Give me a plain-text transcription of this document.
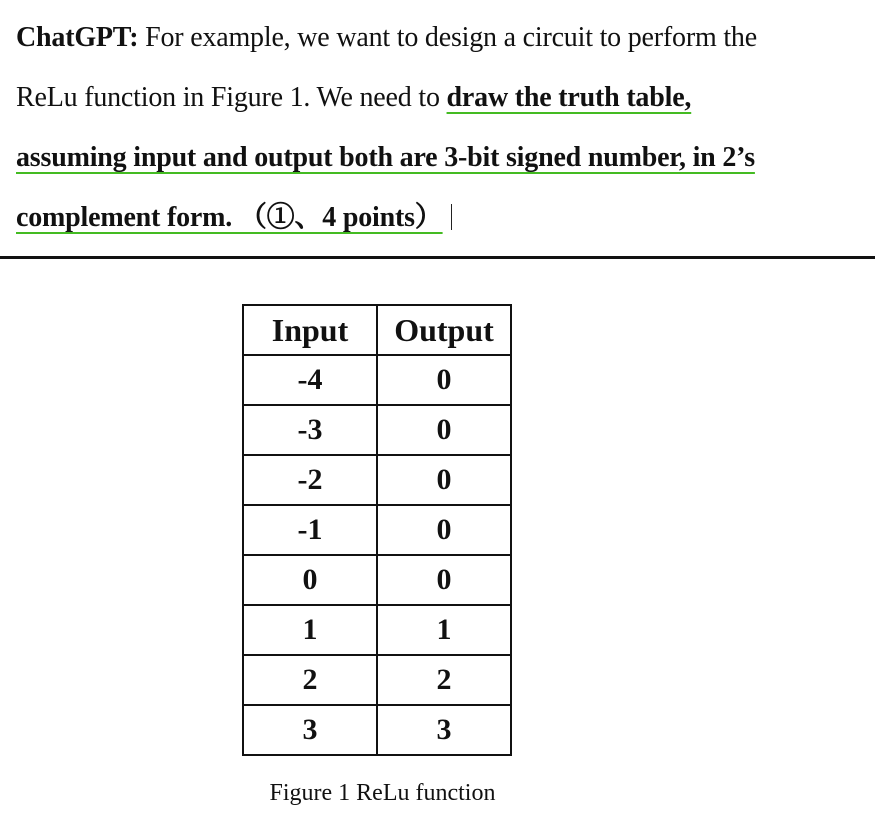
ChatGPT: For example, we want to design a circuit to perform the
ReLu function in Figure 1. We need to draw the truth table,
assuming input and output both are 3-bit signed number, in 2’s
complement form. （①、4 points）
Input	Output
-4	0
-3	0
-2	0
-1	0
0	0
1	1
2	2
3	3
Figure 1 ReLu function
